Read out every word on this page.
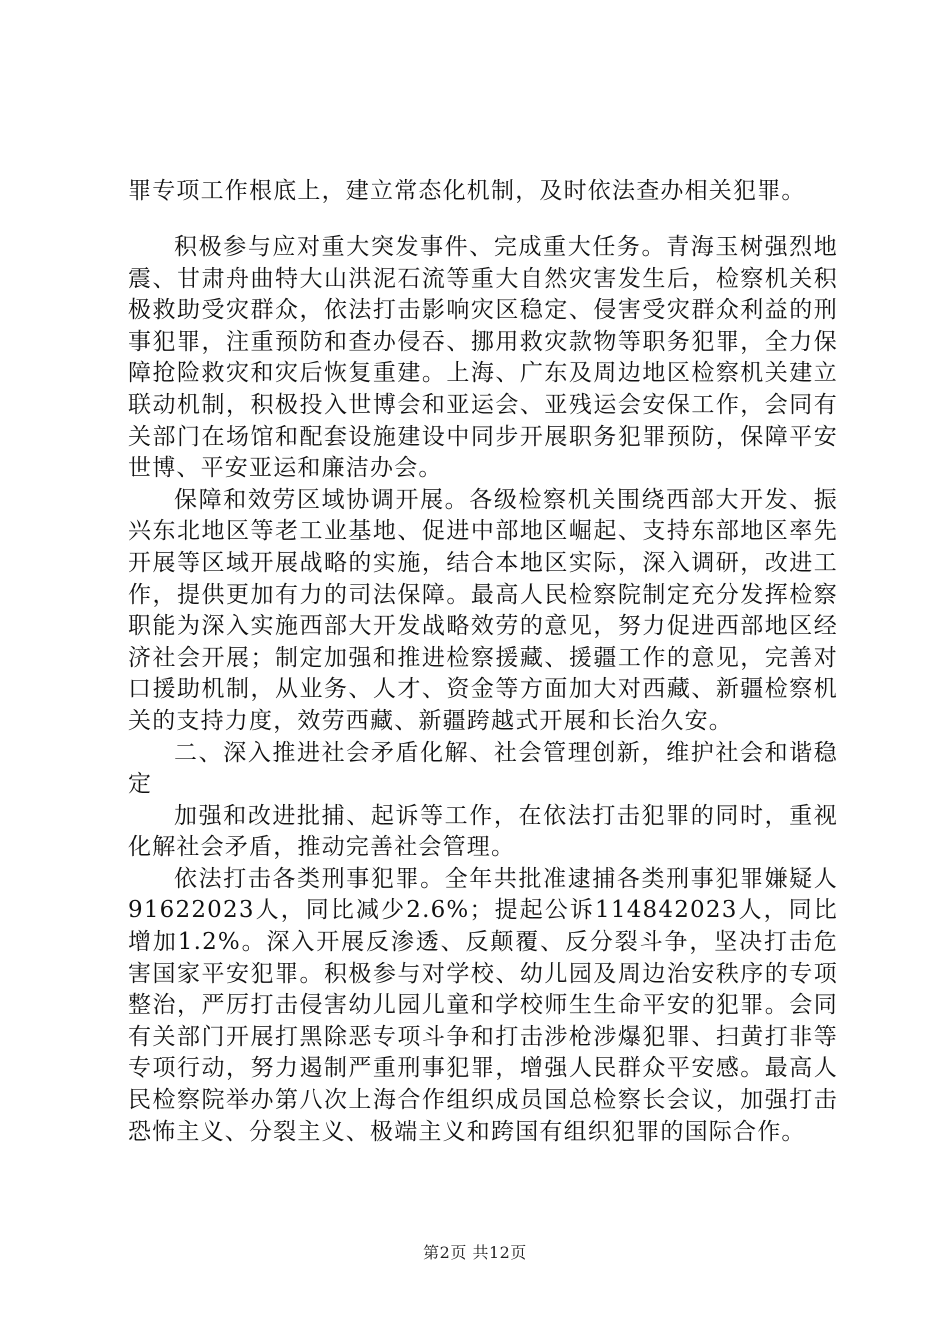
罪专项工作根底上，建立常态化机制，及时依法查办相关犯罪。

积极参与应对重大突发事件、完成重大任务。青海玉树强烈地震、甘肃舟曲特大山洪泥石流等重大自然灾害发生后，检察机关积极救助受灾群众，依法打击影响灾区稳定、侵害受灾群众利益的刑事犯罪，注重预防和查办侵吞、挪用救灾款物等职务犯罪，全力保障抢险救灾和灾后恢复重建。上海、广东及周边地区检察机关建立联动机制，积极投入世博会和亚运会、亚残运会安保工作，会同有关部门在场馆和配套设施建设中同步开展职务犯罪预防，保障平安世博、平安亚运和廉洁办会。

保障和效劳区域协调开展。各级检察机关围绕西部大开发、振兴东北地区等老工业基地、促进中部地区崛起、支持东部地区率先开展等区域开展战略的实施，结合本地区实际，深入调研，改进工作，提供更加有力的司法保障。最高人民检察院制定充分发挥检察职能为深入实施西部大开发战略效劳的意见，努力促进西部地区经济社会开展；制定加强和推进检察援藏、援疆工作的意见，完善对口援助机制，从业务、人才、资金等方面加大对西藏、新疆检察机关的支持力度，效劳西藏、新疆跨越式开展和长治久安。

二、深入推进社会矛盾化解、社会管理创新，维护社会和谐稳定

加强和改进批捕、起诉等工作，在依法打击犯罪的同时，重视化解社会矛盾，推动完善社会管理。

依法打击各类刑事犯罪。全年共批准逮捕各类刑事犯罪嫌疑人91622023人，同比减少2.6%；提起公诉114842023人，同比增加1.2%。深入开展反渗透、反颠覆、反分裂斗争，坚决打击危害国家平安犯罪。积极参与对学校、幼儿园及周边治安秩序的专项整治，严厉打击侵害幼儿园儿童和学校师生生命平安的犯罪。会同有关部门开展打黑除恶专项斗争和打击涉枪涉爆犯罪、扫黄打非等专项行动，努力遏制严重刑事犯罪，增强人民群众平安感。最高人民检察院举办第八次上海合作组织成员国总检察长会议，加强打击恐怖主义、分裂主义、极端主义和跨国有组织犯罪的国际合作。

第2页 共12页
